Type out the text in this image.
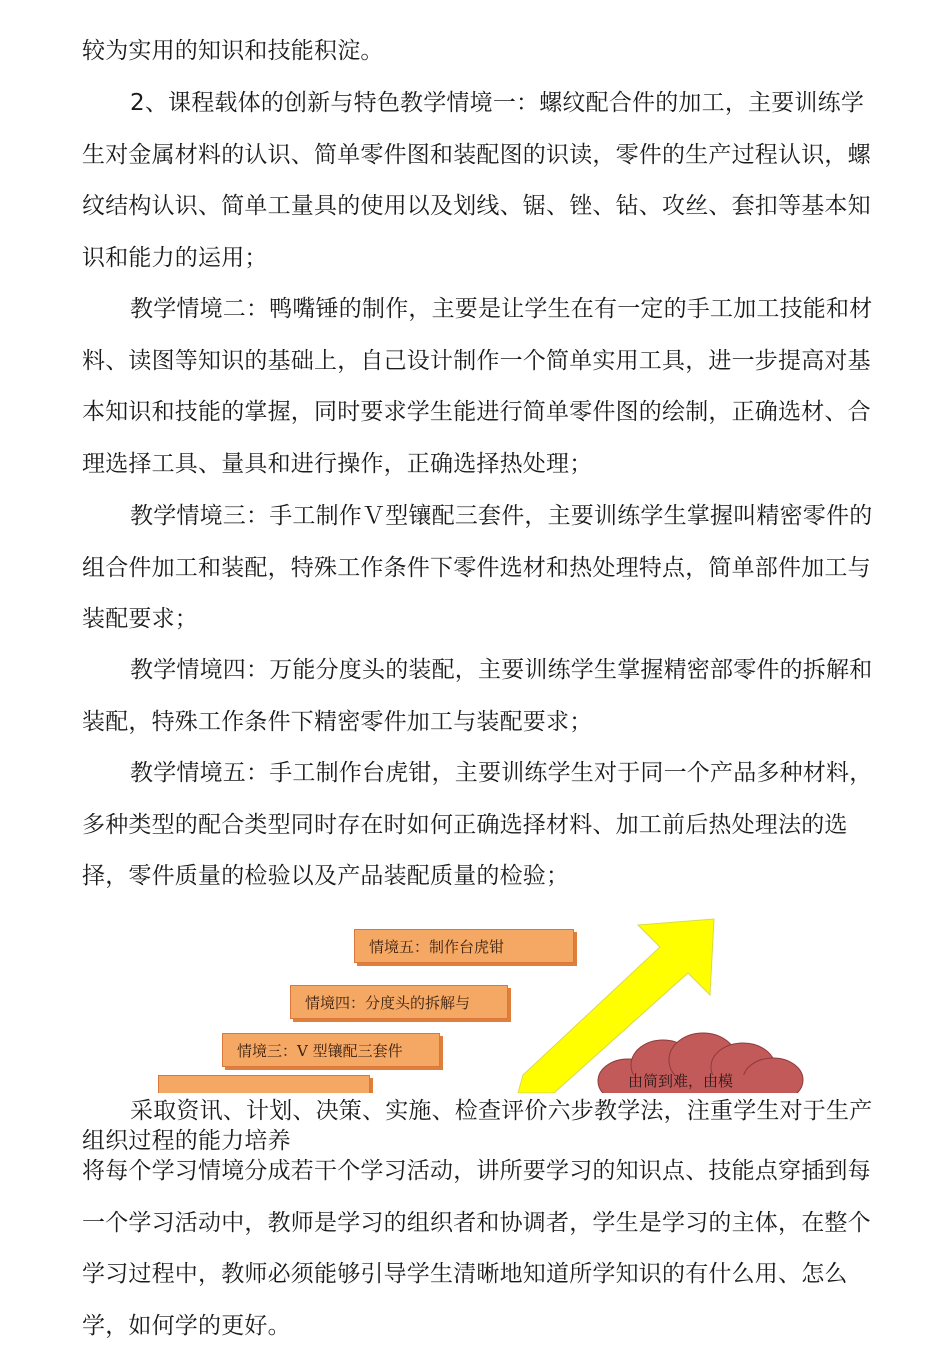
较为实用的知识和技能积淀。

2、课程载体的创新与特色教学情境一：螺纹配合件的加工，主要训练学生对金属材料的认识、简单零件图和装配图的识读，零件的生产过程认识，螺纹结构认识、简单工量具的使用以及划线、锯、锉、钻、攻丝、套扣等基本知识和能力的运用；

教学情境二：鸭嘴锤的制作，主要是让学生在有一定的手工加工技能和材料、读图等知识的基础上，自己设计制作一个简单实用工具，进一步提高对基本知识和技能的掌握，同时要求学生能进行简单零件图的绘制，正确选材、合理选择工具、量具和进行操作，正确选择热处理；

教学情境三：手工制作Ｖ型镶配三套件，主要训练学生掌握叫精密零件的组合件加工和装配，特殊工作条件下零件选材和热处理特点，简单部件加工与装配要求；

教学情境四：万能分度头的装配，主要训练学生掌握精密部零件的拆解和装配，特殊工作条件下精密零件加工与装配要求；

教学情境五：手工制作台虎钳，主要训练学生对于同一个产品多种材料，多种类型的配合类型同时存在时如何正确选择材料、加工前后热处理法的选择，零件质量的检验以及产品装配质量的检验；

情境五：制作台虎钳
情境四：分度头的拆解与
情境三：V 型镶配三套件
由简到难，由模

采取资讯、计划、决策、实施、检查评价六步教学法，注重学生对于生产组织过程的能力培养

将每个学习情境分成若干个学习活动，讲所要学习的知识点、技能点穿插到每一个学习活动中，教师是学习的组织者和协调者，学生是学习的主体，在整个学习过程中，教师必须能够引导学生清晰地知道所学知识的有什么用、怎么学，如何学的更好。
